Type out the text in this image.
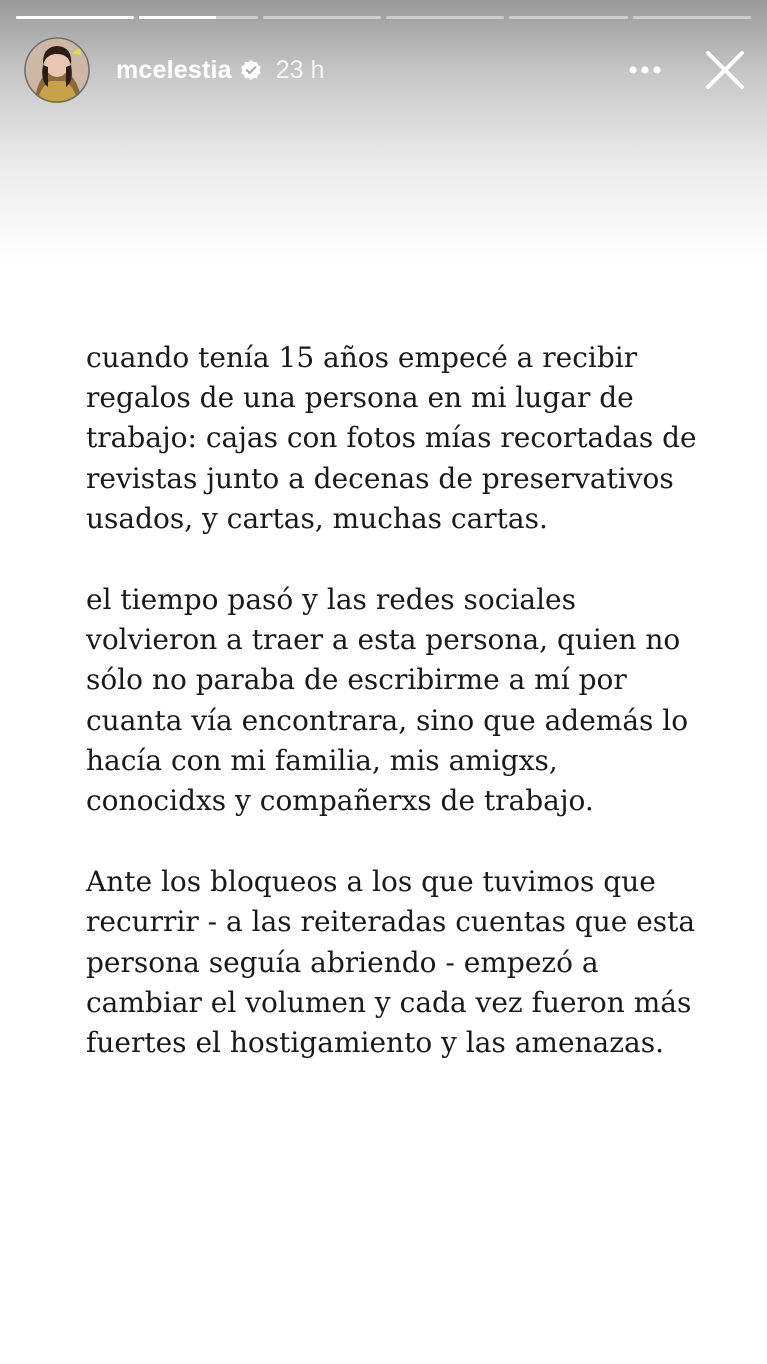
mcelestia 23 h

cuando tenía 15 años empecé a recibir
regalos de una persona en mi lugar de
trabajo: cajas con fotos mías recortadas de
revistas junto a decenas de preservativos
usados, y cartas, muchas cartas.

el tiempo pasó y las redes sociales
volvieron a traer a esta persona, quien no
sólo no paraba de escribirme a mí por
cuanta vía encontrara, sino que además lo
hacía con mi familia, mis amigxs,
conocidxs y compañerxs de trabajo.

Ante los bloqueos a los que tuvimos que
recurrir - a las reiteradas cuentas que esta
persona seguía abriendo - empezó a
cambiar el volumen y cada vez fueron más
fuertes el hostigamiento y las amenazas.
